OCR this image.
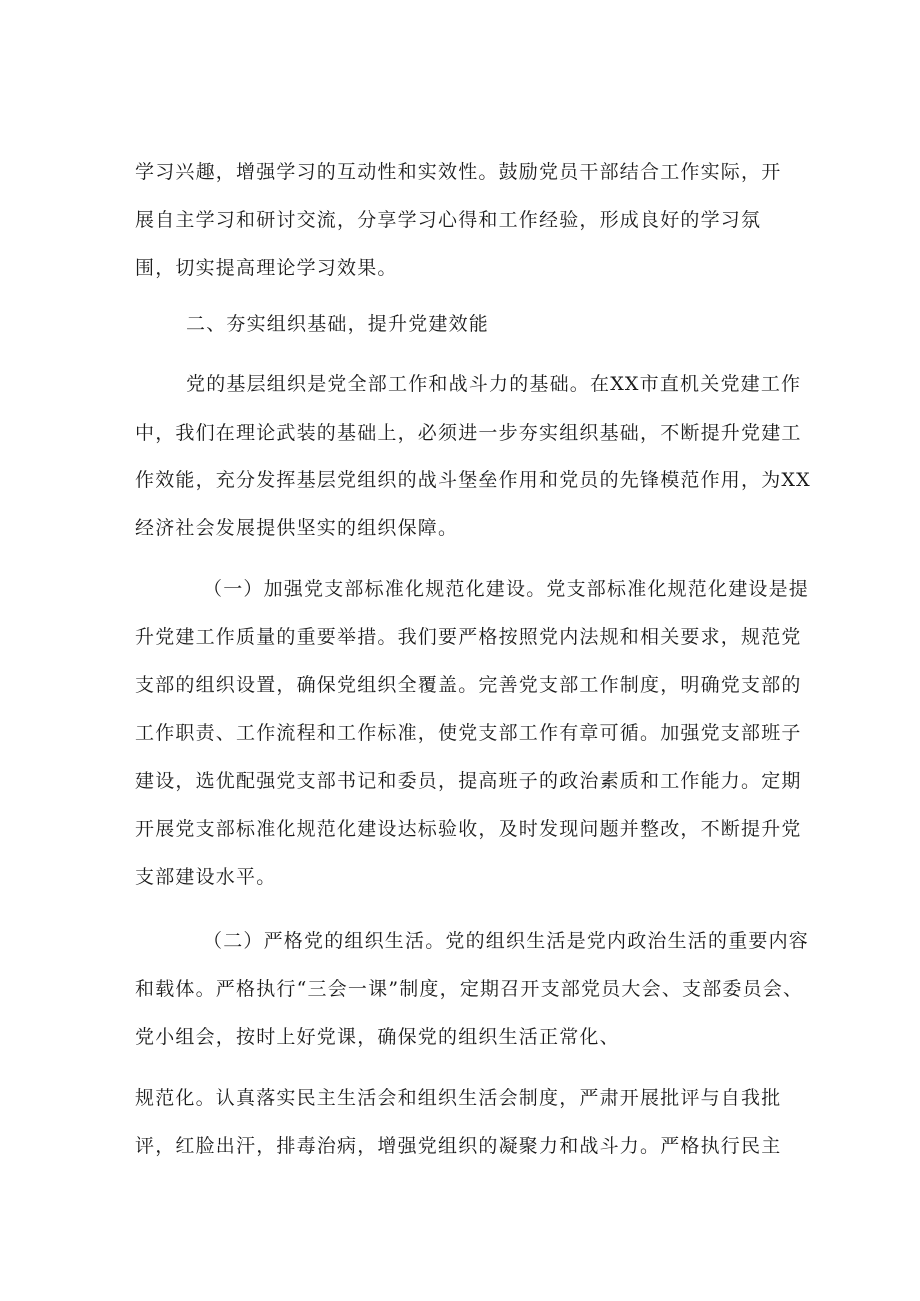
学习兴趣，增强学习的互动性和实效性。鼓励党员干部结合工作实际，开
展自主学习和研讨交流，分享学习心得和工作经验，形成良好的学习氛
围，切实提高理论学习效果。
二、夯实组织基础，提升党建效能
党的基层组织是党全部工作和战斗力的基础。在XX市直机关党建工作
中，我们在理论武装的基础上，必须进一步夯实组织基础，不断提升党建工
作效能，充分发挥基层党组织的战斗堡垒作用和党员的先锋模范作用，为XX
经济社会发展提供坚实的组织保障。
（一）加强党支部标准化规范化建设。党支部标准化规范化建设是提
升党建工作质量的重要举措。我们要严格按照党内法规和相关要求，规范党
支部的组织设置，确保党组织全覆盖。完善党支部工作制度，明确党支部的
工作职责、工作流程和工作标准，使党支部工作有章可循。加强党支部班子
建设，选优配强党支部书记和委员，提高班子的政治素质和工作能力。定期
开展党支部标准化规范化建设达标验收，及时发现问题并整改，不断提升党
支部建设水平。
（二）严格党的组织生活。党的组织生活是党内政治生活的重要内容
和载体。严格执行“三会一课”制度，定期召开支部党员大会、支部委员会、
党小组会，按时上好党课，确保党的组织生活正常化、
规范化。认真落实民主生活会和组织生活会制度，严肃开展批评与自我批
评，红脸出汗，排毒治病，增强党组织的凝聚力和战斗力。严格执行民主
